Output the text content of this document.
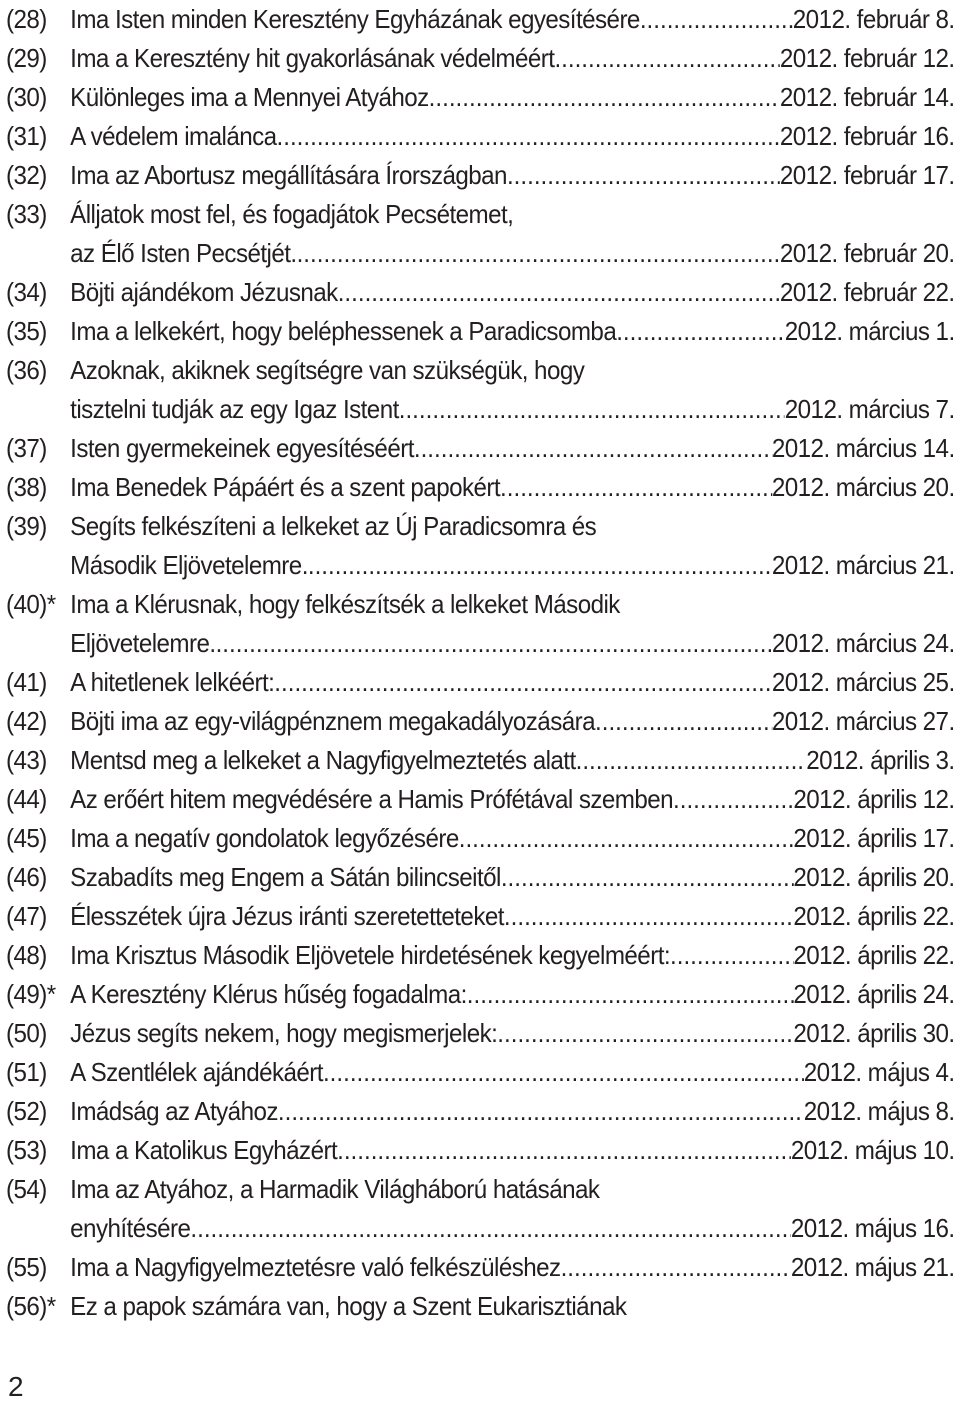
(28) Ima Isten minden Keresztény Egyházának egyesítésére .....	2012. február 8.
(29) Ima a Keresztény hit gyakorlásának védelméért .....	2012. február 12.
(30) Különleges ima a Mennyei Atyához .....	2012. február 14.
(31) A védelem imalánca .....	2012. február 16.
(32) Ima az Abortusz megállítására Írországban .....	2012. február 17.
(33) Álljatok most fel, és fogadjátok Pecsétemet,
az Élő Isten Pecsétjét. .....	2012. február 20.
(34) Böjti ajándékom Jézusnak .....	2012. február 22.
(35) Ima a lelkekért, hogy beléphessenek a Paradicsomba .....	2012. március 1.
(36) Azoknak, akiknek segítségre van szükségük, hogy
tisztelni tudják az egy Igaz Istent .....	2012. március 7.
(37) Isten gyermekeinek egyesítéséért .....	2012. március 14.
(38) Ima Benedek Pápáért és a szent papokért .....	2012. március 20.
(39) Segíts felkészíteni a lelkeket az Új Paradicsomra és
Második Eljövetelemre. .....	2012. március 21.
(40)* Ima a Klérusnak, hogy felkészítsék a lelkeket Második
Eljövetelemre. .....	2012. március 24.
(41) A hitetlenek lelkéért: .....	2012. március 25.
(42) Böjti ima az egy-világpénznem megakadályozására .....	2012. március 27.
(43) Mentsd meg a lelkeket a Nagyfigyelmeztetés alatt .....	2012. április 3.
(44) Az erőért hitem megvédésére a Hamis Prófétával szemben .....	2012. április 12.
(45) Ima a negatív gondolatok legyőzésére .....	2012. április 17.
(46) Szabadíts meg Engem a Sátán bilincseitől .....	2012. április 20.
(47) Élesszétek újra Jézus iránti szeretetteteket .....	2012. április 22.
(48) Ima Krisztus Második Eljövetele hirdetésének kegyelméért: .....	2012. április 22.
(49)* A Keresztény Klérus hűség fogadalma: .....	2012. április 24.
(50) Jézus segíts nekem, hogy megismerjelek: .....	2012. április 30.
(51) A Szentlélek ajándékáért .....	2012. május 4.
(52) Imádság az Atyához .....	2012. május 8.
(53) Ima a Katolikus Egyházért .....	2012. május 10.
(54) Ima az Atyához, a Harmadik Világháború hatásának
enyhítésére .....	2012. május 16.
(55) Ima a Nagyfigyelmeztetésre való felkészüléshez .....	2012. május 21.
(56)* Ez a papok számára van, hogy a Szent Eukarisztiának
2
